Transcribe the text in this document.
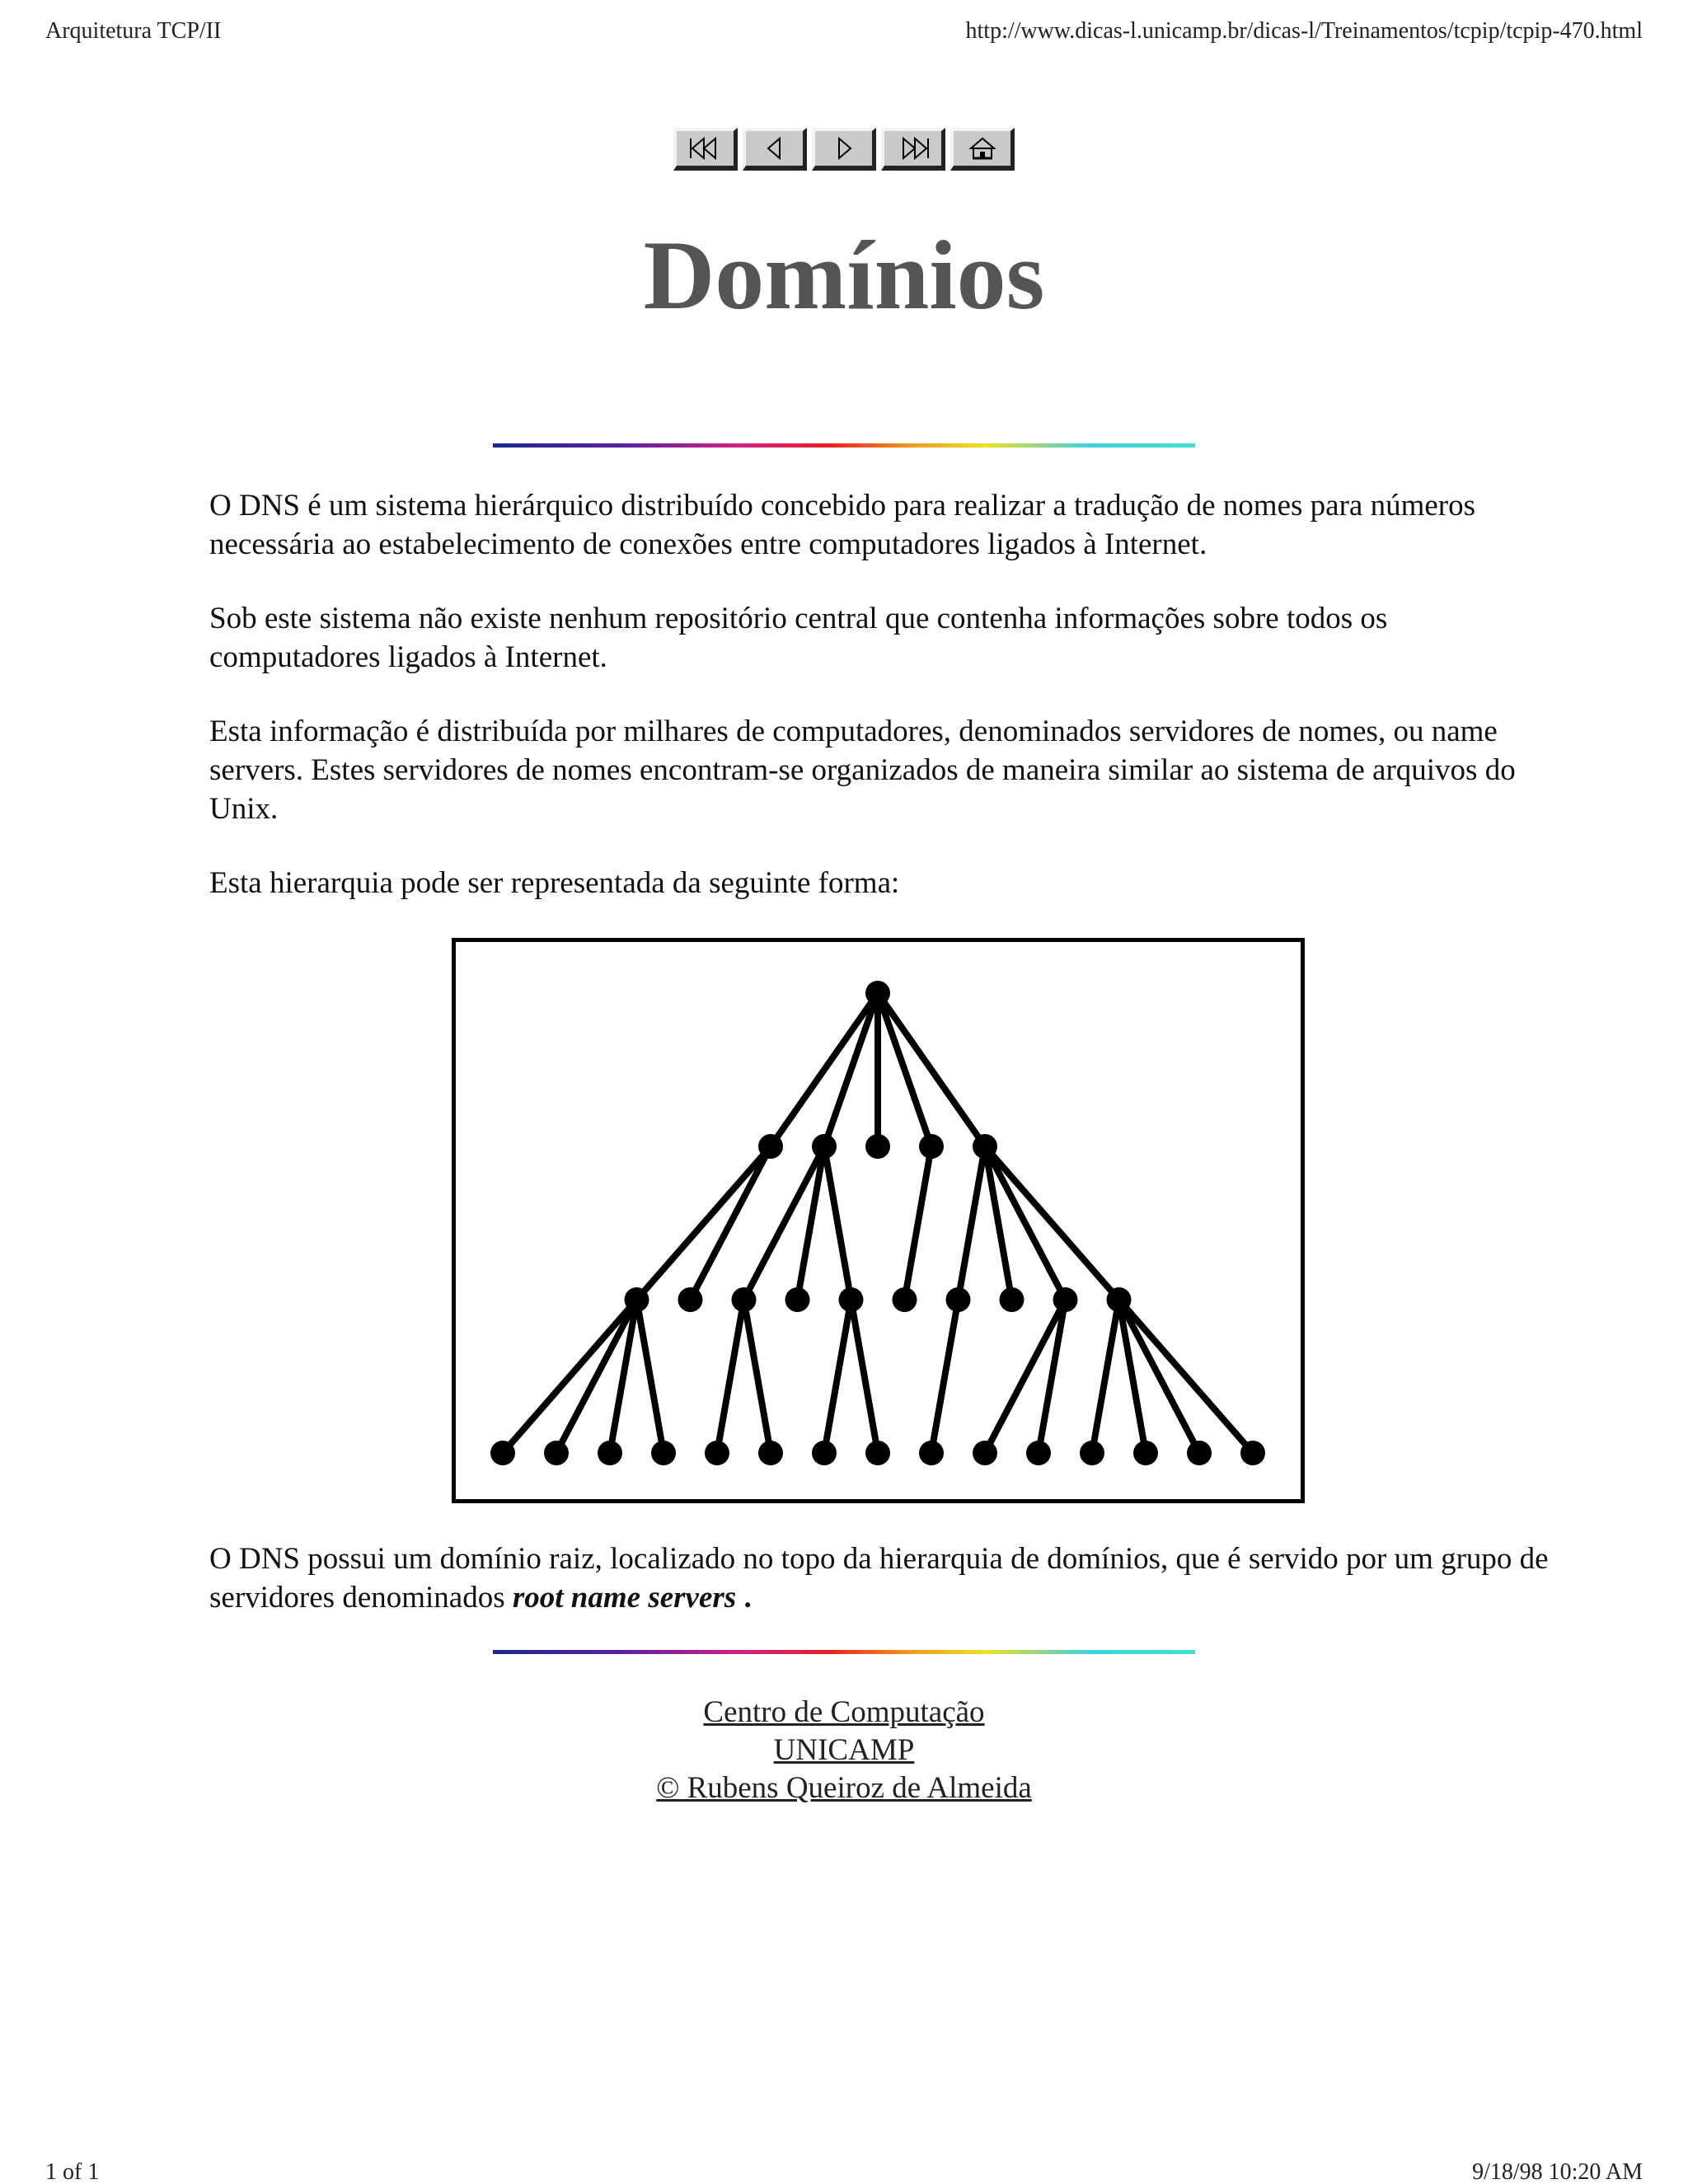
Arquitetura TCP/II	http://www.dicas-l.unicamp.br/dicas-l/Treinamentos/tcpip/tcpip-470.html
Domínios

O DNS é um sistema hierárquico distribuído concebido para realizar a tradução de nomes para números necessária ao estabelecimento de conexões entre computadores ligados à Internet.

Sob este sistema não existe nenhum repositório central que contenha informações sobre todos os computadores ligados à Internet.

Esta informação é distribuída por milhares de computadores, denominados servidores de nomes, ou name servers. Estes servidores de nomes encontram-se organizados de maneira similar ao sistema de arquivos do Unix.

Esta hierarquia pode ser representada da seguinte forma:

O DNS possui um domínio raiz, localizado no topo da hierarquia de domínios, que é servido por um grupo de servidores denominados root name servers .

Centro de Computação
UNICAMP
© Rubens Queiroz de Almeida
1 of 1	9/18/98 10:20 AM
